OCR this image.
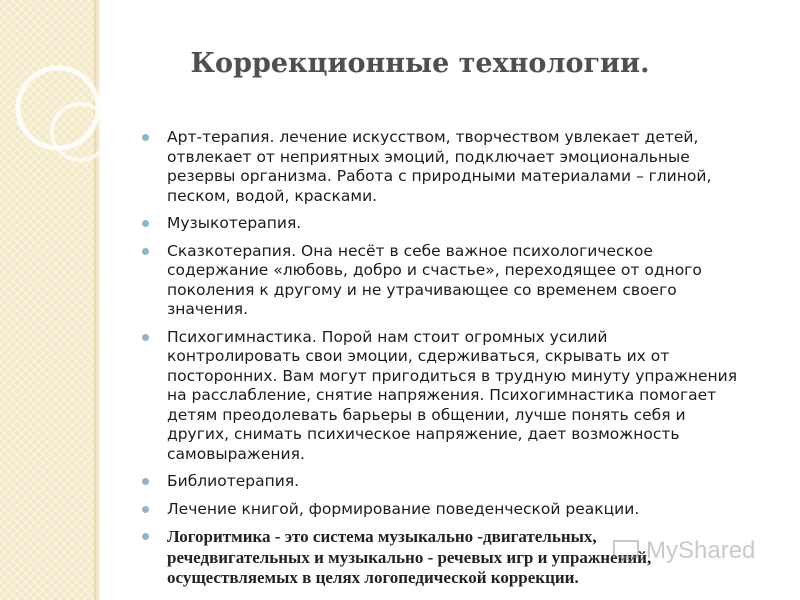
Коррекционные технологии.
Арт-терапия. лечение искусством, творчеством увлекает детей, отвлекает от неприятных эмоций, подключает эмоциональные резервы организма. Работа с природными материалами – глиной, песком, водой, красками.
Музыкотерапия.
Сказкотерапия. Она несёт в себе важное психологическое содержание «любовь, добро и счастье», переходящее от одного поколения к другому и не утрачивающее со временем своего значения.
Психогимнастика. Порой нам стоит огромных усилий контролировать свои эмоции, сдерживаться, скрывать их от посторонних. Вам могут пригодиться в трудную минуту упражнения на расслабление, снятие напряжения. Психогимнастика помогает детям преодолевать барьеры в общении, лучше понять себя и других, снимать психическое напряжение, дает возможность самовыражения.
Библиотерапия.
Лечение книгой, формирование поведенческой реакции.
Логоритмика - это система музыкально -двигательных, речедвигательных и музыкально - речевых игр и упражнений, осуществляемых в целях логопедической коррекции.
MyShared
